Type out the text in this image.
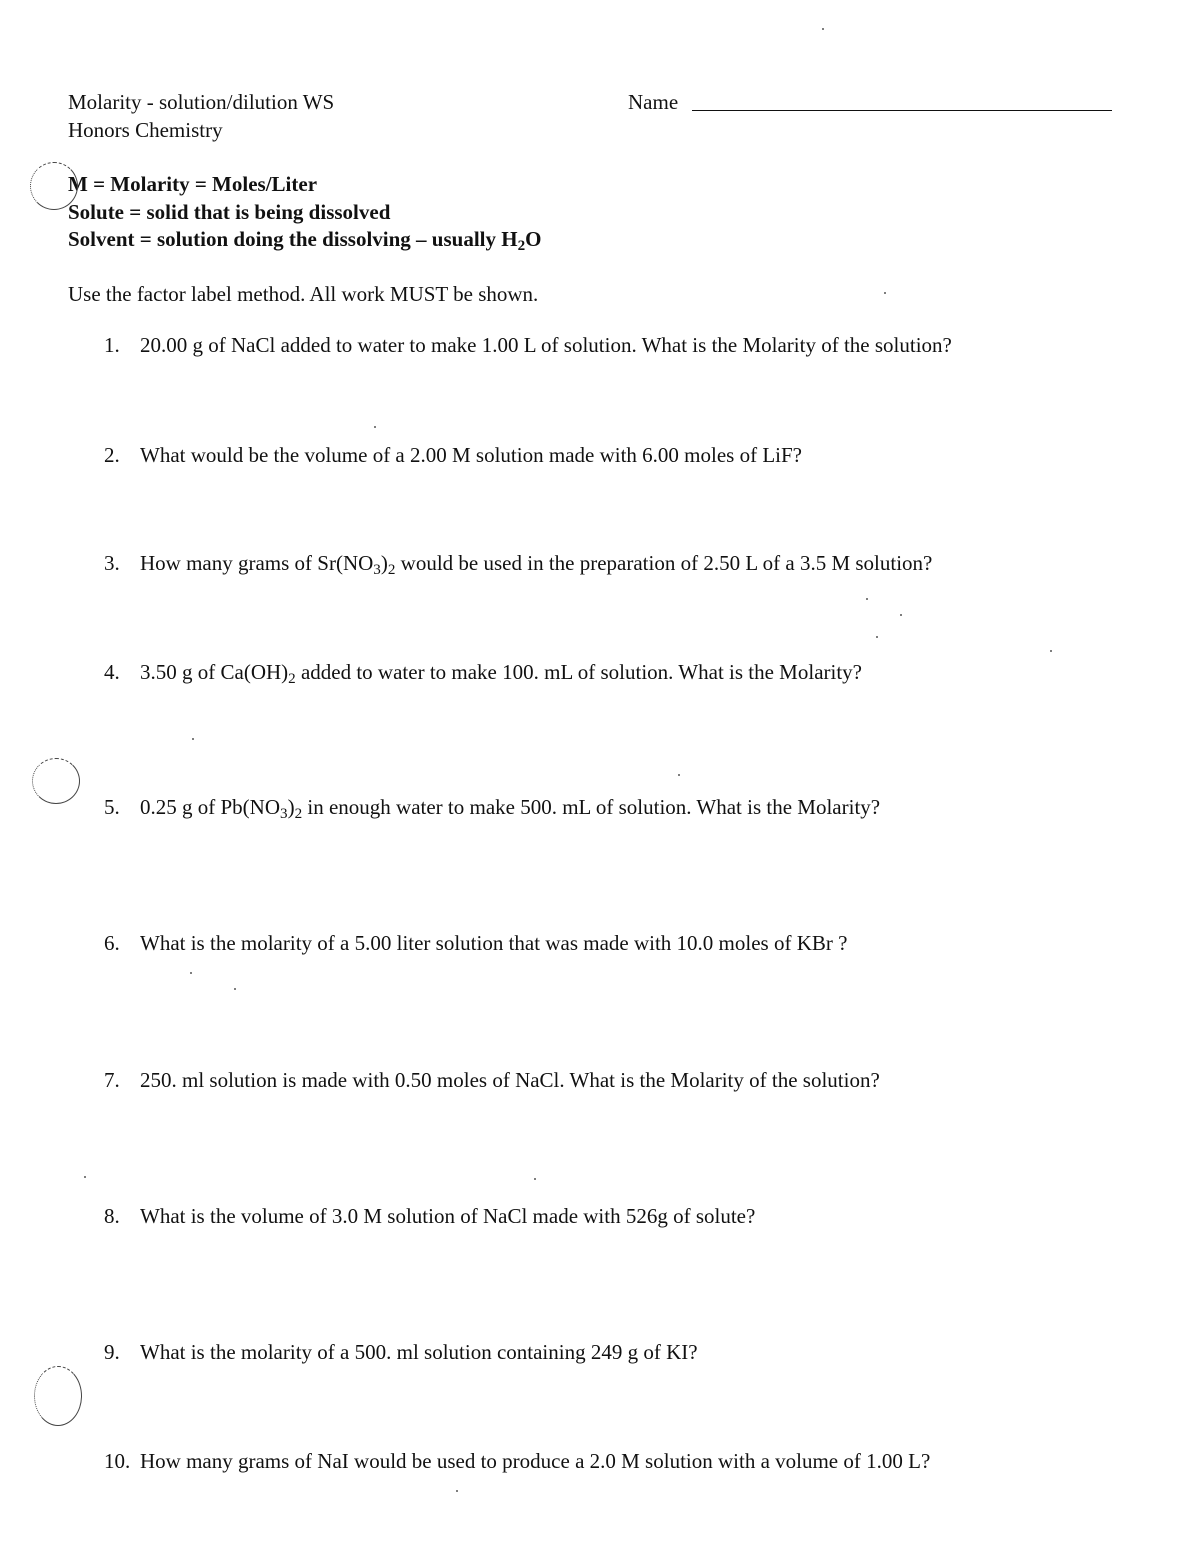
Molarity - solution/dilution WS
Honors Chemistry
Name
M = Molarity = Moles/Liter
Solute = solid that is being dissolved
Solvent = solution doing the dissolving – usually $H_2O$
Use the factor label method. All work MUST be shown.
1. 20.00 g of NaCl added to water to make 1.00 L of solution. What is the Molarity of the solution?
2. What would be the volume of a 2.00 M solution made with 6.00 moles of LiF?
3. How many grams of $Sr(NO_3)_2$ would be used in the preparation of 2.50 L of a 3.5 M solution?
4. 3.50 g of $Ca(OH)_2$ added to water to make 100. mL of solution. What is the Molarity?
5. 0.25 g of $Pb(NO_3)_2$ in enough water to make 500. mL of solution. What is the Molarity?
6. What is the molarity of a 5.00 liter solution that was made with 10.0 moles of KBr ?
7. 250. ml solution is made with 0.50 moles of NaCl. What is the Molarity of the solution?
8. What is the volume of 3.0 M solution of NaCl made with 526g of solute?
9. What is the molarity of a 500. ml solution containing 249 g of KI?
10. How many grams of NaI would be used to produce a 2.0 M solution with a volume of 1.00 L?
